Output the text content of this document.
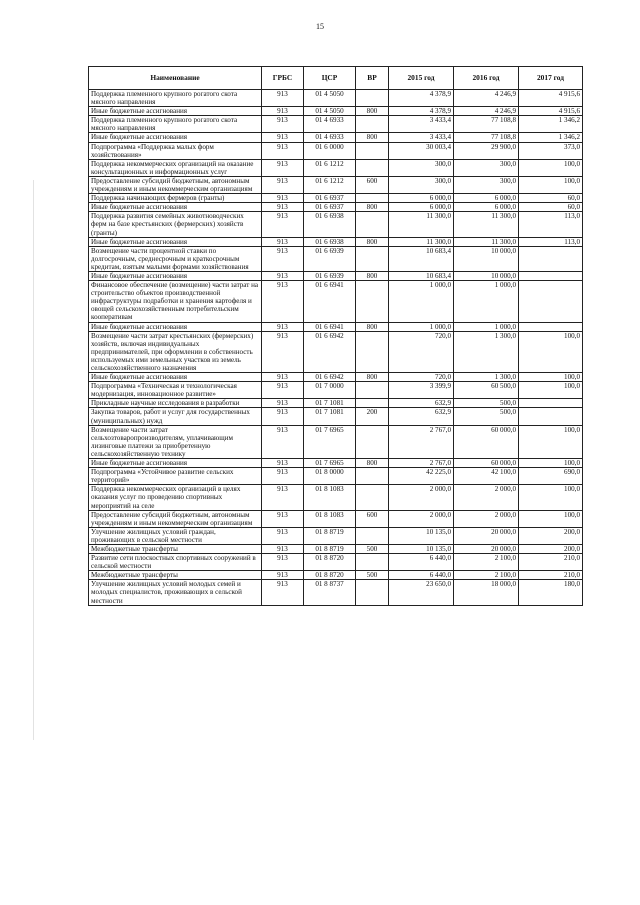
15
Наименование	ГРБС	ЦСР	ВР	2015 год	2016 год	2017 год
Поддержка племенного крупного рогатого скота мясного направления	913	01 4 5050		4 378,9	4 246,9	4 915,6
Иные бюджетные ассигнования	913	01 4 5050	800	4 378,9	4 246,9	4 915,6
Поддержка племенного крупного рогатого скота мясного направления	913	01 4 6933		3 433,4	77 108,8	1 346,2
Иные бюджетные ассигнования	913	01 4 6933	800	3 433,4	77 108,8	1 346,2
Подпрограмма «Поддержка малых форм хозяйствования»	913	01 6 0000		30 003,4	29 900,0	373,0
Поддержка некоммерческих организаций на оказание консультационных и информационных услуг	913	01 6 1212		300,0	300,0	100,0
Предоставление субсидий бюджетным, автономным учреждениям и иным некоммерческим организациям	913	01 6 1212	600	300,0	300,0	100,0
Поддержка начинающих фермеров (гранты)	913	01 6 6937		6 000,0	6 000,0	60,0
Иные бюджетные ассигнования	913	01 6 6937	800	6 000,0	6 000,0	60,0
Поддержка развития семейных животноводческих ферм на базе крестьянских (фермерских) хозяйств (гранты)	913	01 6 6938		11 300,0	11 300,0	113,0
Иные бюджетные ассигнования	913	01 6 6938	800	11 300,0	11 300,0	113,0
Возмещение части процентной ставки по долгосрочным, среднесрочным и краткосрочным кредитам, взятым малыми формами хозяйствования	913	01 6 6939		10 683,4	10 000,0	
Иные бюджетные ассигнования	913	01 6 6939	800	10 683,4	10 000,0	
Финансовое обеспечение (возмещение) части затрат на строительство объектов производственной инфраструктуры подработки и хранения картофеля и овощей сельскохозяйственным потребительским кооперативам	913	01 6 6941		1 000,0	1 000,0	
Иные бюджетные ассигнования	913	01 6 6941	800	1 000,0	1 000,0	
Возмещение части затрат крестьянских (фермерских) хозяйств, включая индивидуальных предпринимателей, при оформлении в собственность используемых ими земельных участков из земель сельскохозяйственного назначения	913	01 6 6942		720,0	1 300,0	100,0
Иные бюджетные ассигнования	913	01 6 6942	800	720,0	1 300,0	100,0
Подпрограмма «Техническая и технологическая модернизация, инновационное развитие»	913	01 7 0000		3 399,9	60 500,0	100,0
Прикладные научные исследования в разработки	913	01 7 1081		632,9	500,0	
Закупка товаров, работ и услуг для государственных (муниципальных) нужд	913	01 7 1081	200	632,9	500,0	
Возмещение части затрат сельхозтоваропроизводителям, уплачивающим лизинговые платежи за приобретенную сельскохозяйственную технику	913	01 7 6965		2 767,0	60 000,0	100,0
Иные бюджетные ассигнования	913	01 7 6965	800	2 767,0	60 000,0	100,0
Подпрограмма «Устойчивое развитие сельских территорий»	913	01 8 0000		42 225,0	42 100,0	690,0
Поддержка некоммерческих организаций в целях оказания услуг по проведению спортивных мероприятий на селе	913	01 8 1083		2 000,0	2 000,0	100,0
Предоставление субсидий бюджетным, автономным учреждениям и иным некоммерческим организациям	913	01 8 1083	600	2 000,0	2 000,0	100,0
Улучшение жилищных условий граждан, проживающих в сельской местности	913	01 8 8719		10 135,0	20 000,0	200,0
Межбюджетные трансферты	913	01 8 8719	500	10 135,0	20 000,0	200,0
Развитие сети плоскостных спортивных сооружений в сельской местности	913	01 8 8720		6 440,0	2 100,0	210,0
Межбюджетные трансферты	913	01 8 8720	500	6 440,0	2 100,0	210,0
Улучшение жилищных условий молодых семей и молодых специалистов, проживающих в сельской местности	913	01 8 8737		23 650,0	18 000,0	180,0
